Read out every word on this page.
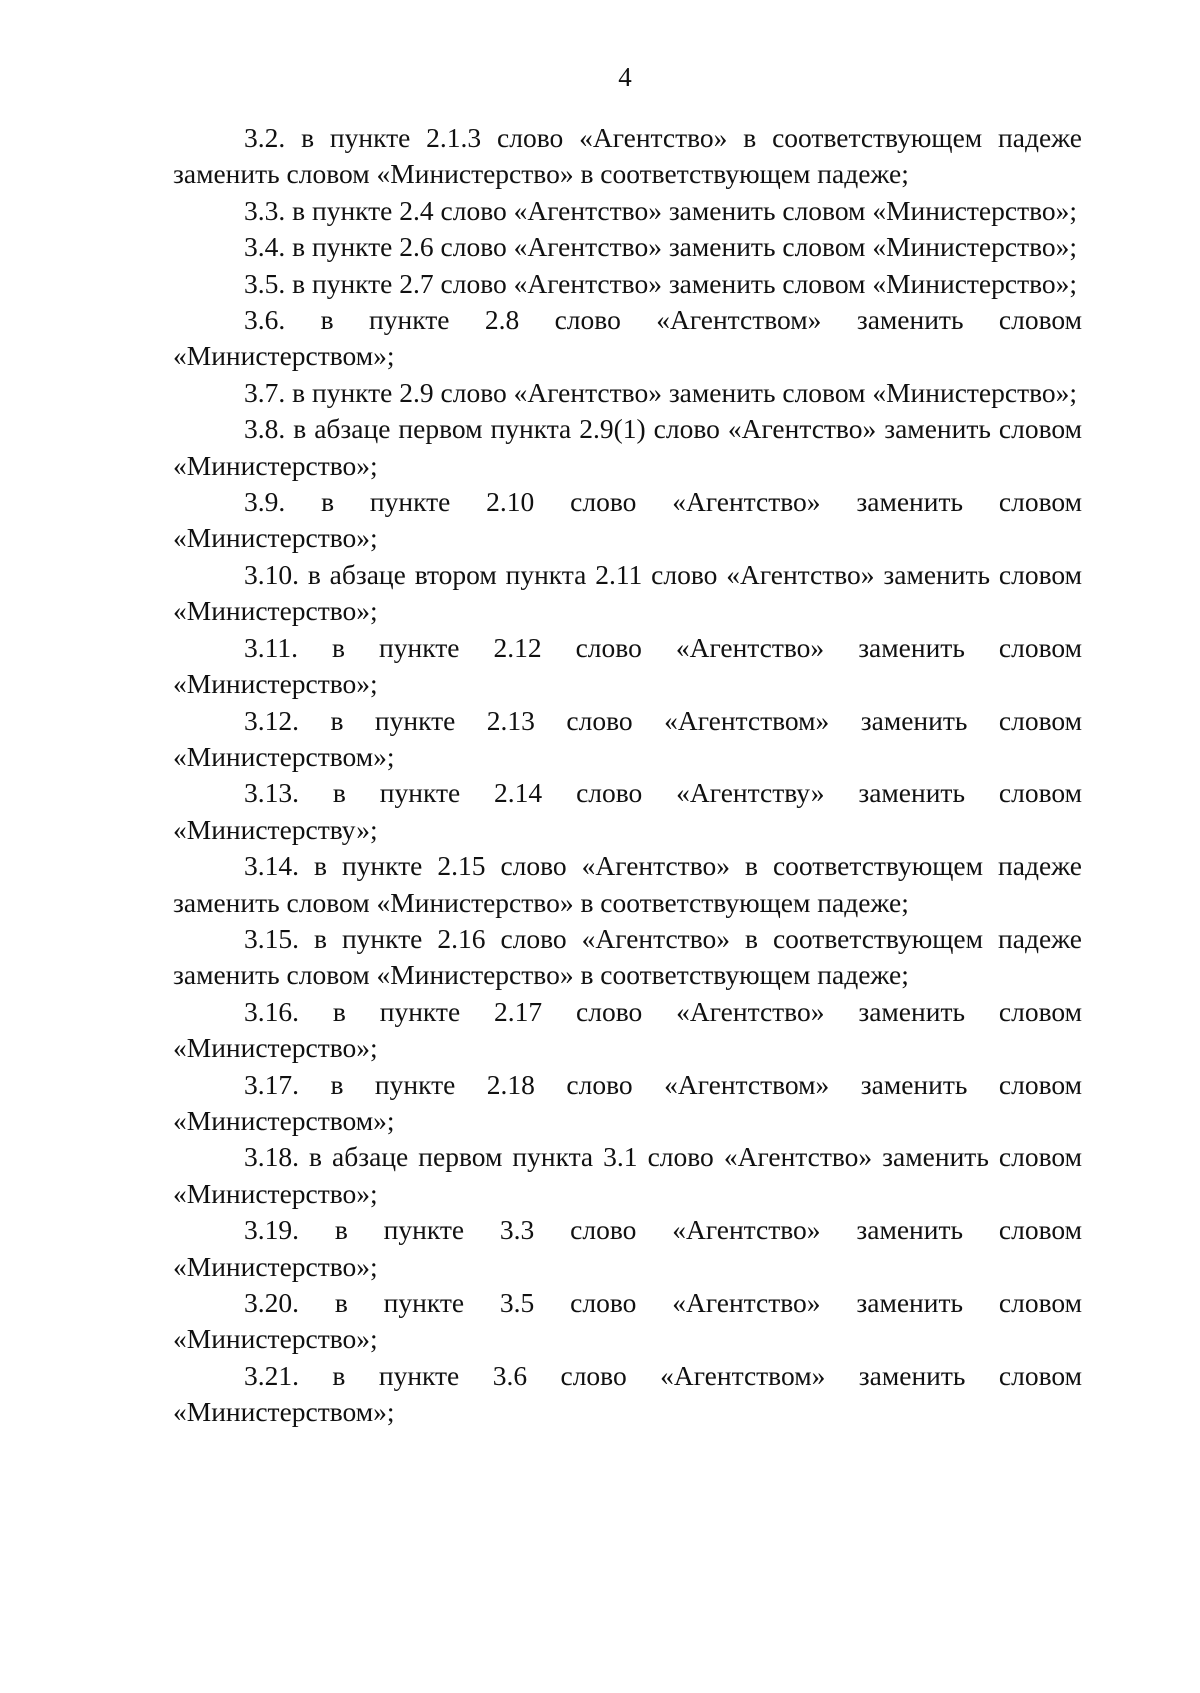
4

3.2. в пункте 2.1.3 слово «Агентство» в соответствующем падеже заменить словом «Министерство» в соответствующем падеже;

3.3. в пункте 2.4 слово «Агентство» заменить словом «Министерство»;

3.4. в пункте 2.6 слово «Агентство» заменить словом «Министерство»;

3.5. в пункте 2.7 слово «Агентство» заменить словом «Министерство»;

3.6. в пункте 2.8 слово «Агентством» заменить словом «Министерством»;

3.7. в пункте 2.9 слово «Агентство» заменить словом «Министерство»;

3.8. в абзаце первом пункта 2.9(1) слово «Агентство» заменить словом «Министерство»;

3.9. в пункте 2.10 слово «Агентство» заменить словом «Министерство»;

3.10. в абзаце втором пункта 2.11 слово «Агентство» заменить словом «Министерство»;

3.11. в пункте 2.12 слово «Агентство» заменить словом «Министерство»;

3.12. в пункте 2.13 слово «Агентством» заменить словом «Министерством»;

3.13. в пункте 2.14 слово «Агентству» заменить словом «Министерству»;

3.14. в пункте 2.15 слово «Агентство» в соответствующем падеже заменить словом «Министерство» в соответствующем падеже;

3.15. в пункте 2.16 слово «Агентство» в соответствующем падеже заменить словом «Министерство» в соответствующем падеже;

3.16. в пункте 2.17 слово «Агентство» заменить словом «Министерство»;

3.17. в пункте 2.18 слово «Агентством» заменить словом «Министерством»;

3.18. в абзаце первом пункта 3.1 слово «Агентство» заменить словом «Министерство»;

3.19. в пункте 3.3 слово «Агентство» заменить словом «Министерство»;

3.20. в пункте 3.5 слово «Агентство» заменить словом «Министерство»;

3.21. в пункте 3.6 слово «Агентством» заменить словом «Министерством»;
